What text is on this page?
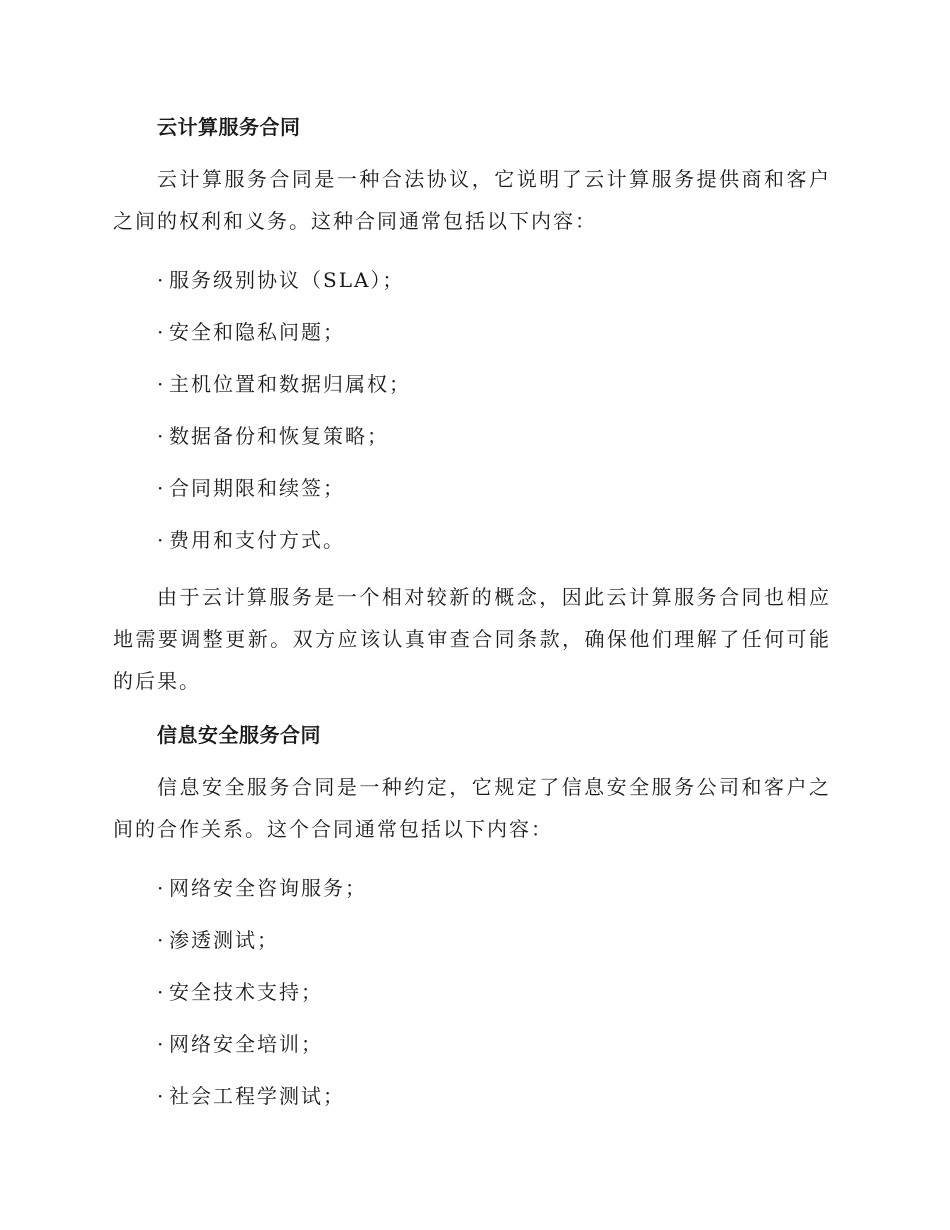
云计算服务合同

云计算服务合同是一种合法协议，它说明了云计算服务提供商和客户之间的权利和义务。这种合同通常包括以下内容：

· 服务级别协议（SLA）；
· 安全和隐私问题；
· 主机位置和数据归属权；
· 数据备份和恢复策略；
· 合同期限和续签；
· 费用和支付方式。

由于云计算服务是一个相对较新的概念，因此云计算服务合同也相应地需要调整更新。双方应该认真审查合同条款，确保他们理解了任何可能的后果。

信息安全服务合同

信息安全服务合同是一种约定，它规定了信息安全服务公司和客户之间的合作关系。这个合同通常包括以下内容：

· 网络安全咨询服务；
· 渗透测试；
· 安全技术支持；
· 网络安全培训；
· 社会工程学测试；
